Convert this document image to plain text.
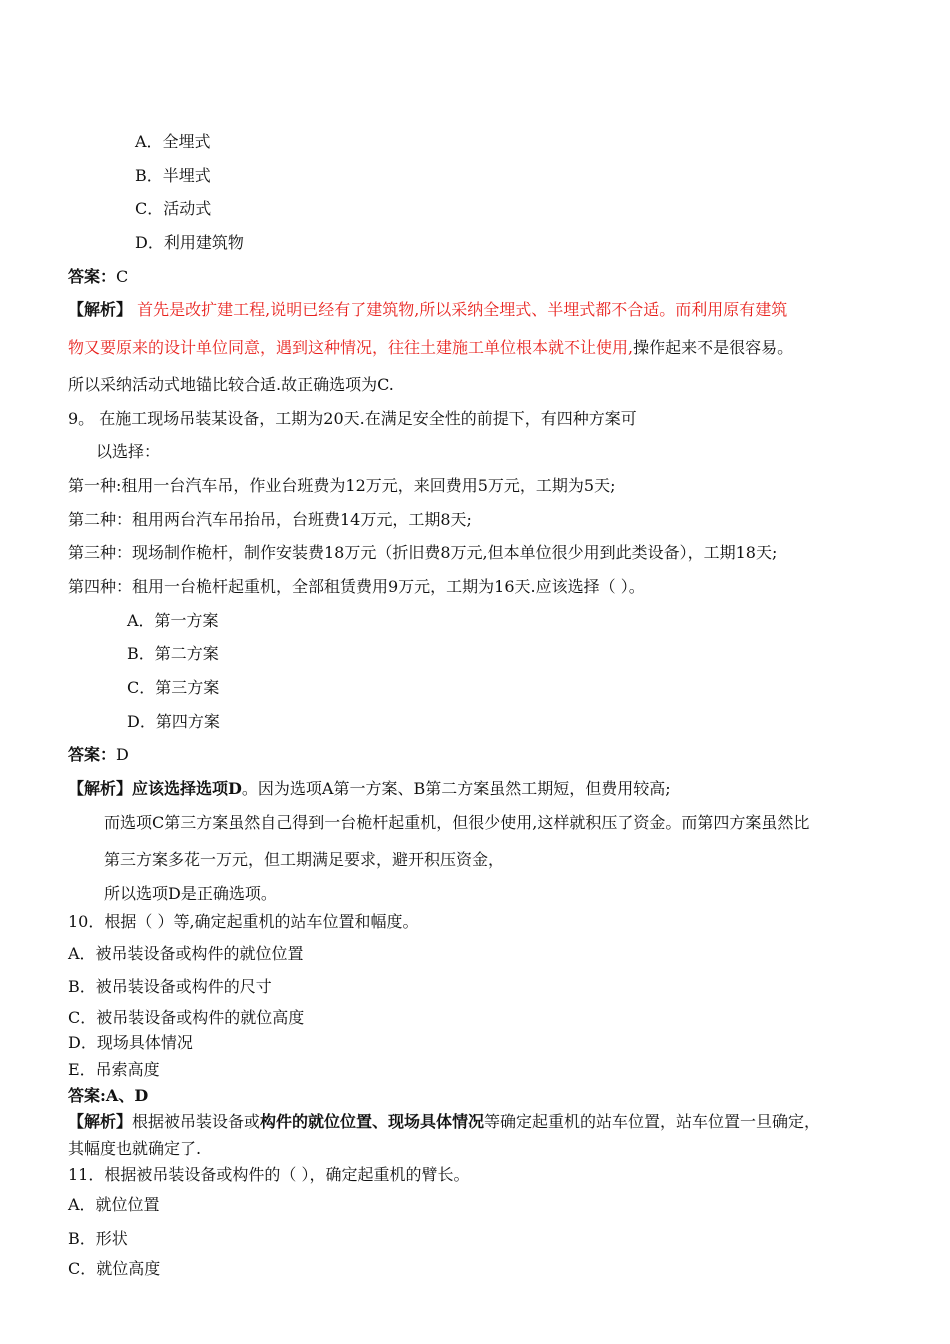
A．全埋式
B．半埋式
C．活动式
D．利用建筑物
答案：C
【解析】 首先是改扩建工程,说明已经有了建筑物,所以采纳全埋式、半埋式都不合适。而利用原有建筑
物又要原来的设计单位同意，遇到这种情况，往往土建施工单位根本就不让使用,操作起来不是很容易。
所以采纳活动式地锚比较合适.故正确选项为C.
9。 在施工现场吊装某设备，工期为20天.在满足安全性的前提下，有四种方案可
以选择：
第一种:租用一台汽车吊，作业台班费为12万元，来回费用5万元，工期为5天;
第二种：租用两台汽车吊抬吊，台班费14万元，工期8天;
第三种：现场制作桅杆，制作安装费18万元（折旧费8万元,但本单位很少用到此类设备），工期18天;
第四种：租用一台桅杆起重机，全部租赁费用9万元，工期为16天.应该选择（ ）。
A．第一方案
B．第二方案
C．第三方案
D．第四方案
答案：D
【解析】应该选择选项D。因为选项A第一方案、B第二方案虽然工期短，但费用较高;
而选项C第三方案虽然自己得到一台桅杆起重机，但很少使用,这样就积压了资金。而第四方案虽然比
第三方案多花一万元，但工期满足要求，避开积压资金，
所以选项D是正确选项。
10．根据（ ）等,确定起重机的站车位置和幅度。
A．被吊装设备或构件的就位位置
B．被吊装设备或构件的尺寸
C．被吊装设备或构件的就位高度
D．现场具体情况
E．吊索高度
答案:A、D
【解析】根据被吊装设备或构件的就位位置、现场具体情况等确定起重机的站车位置，站车位置一旦确定，
其幅度也就确定了.
11．根据被吊装设备或构件的（ ），确定起重机的臂长。
A．就位位置
B．形状
C．就位高度
